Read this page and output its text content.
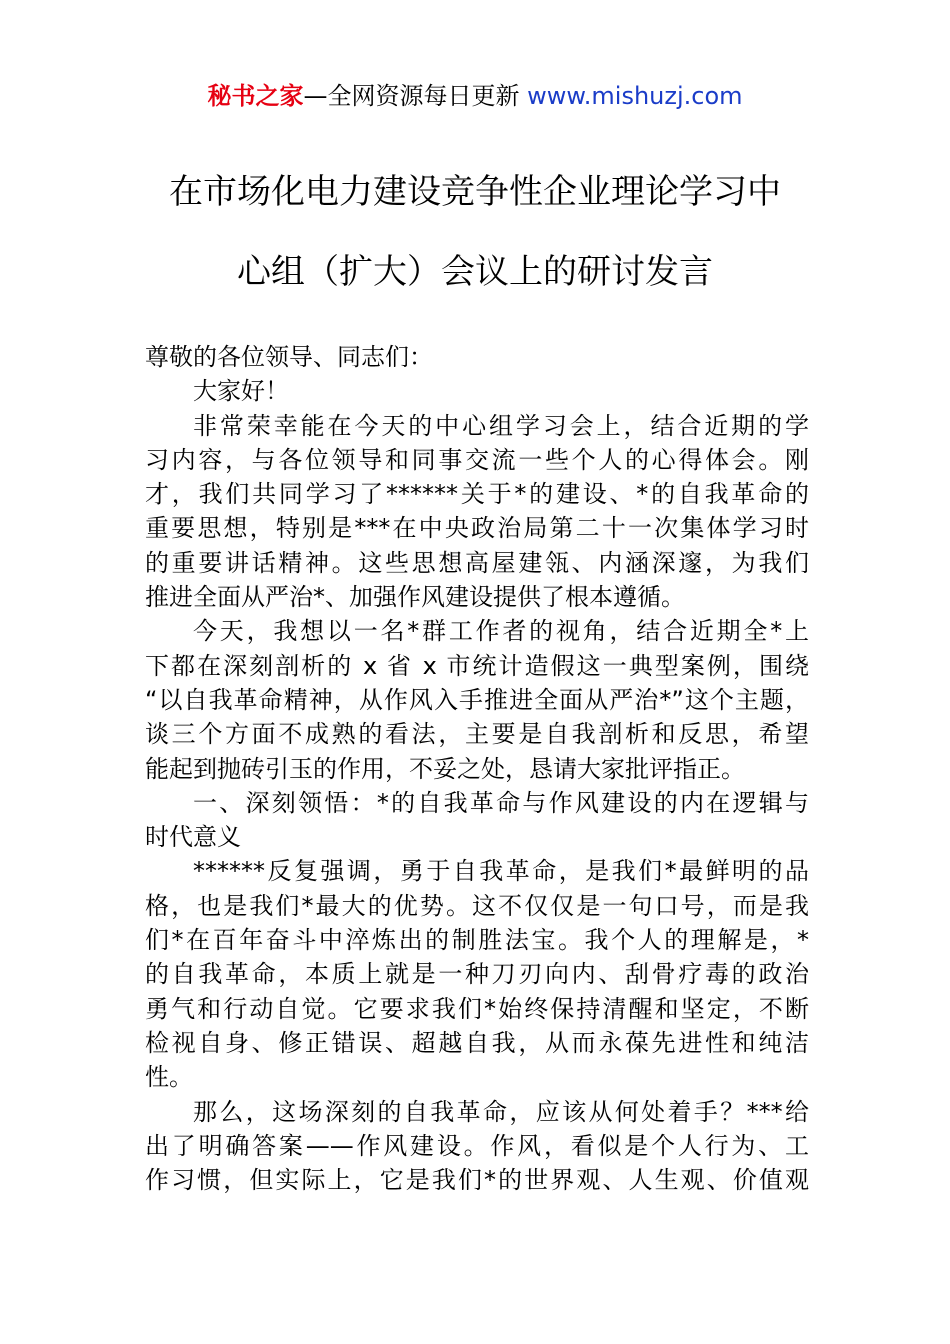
秘书之家—全网资源每日更新 www.mishuzj.com
在市场化电力建设竞争性企业理论学习中
心组（扩大）会议上的研讨发言
尊敬的各位领导、同志们：
大家好！
非常荣幸能在今天的中心组学习会上，结合近期的学
习内容，与各位领导和同事交流一些个人的心得体会。刚
才，我们共同学习了******关于*的建设、*的自我革命的
重要思想，特别是***在中央政治局第二十一次集体学习时
的重要讲话精神。这些思想高屋建瓴、内涵深邃，为我们
推进全面从严治*、加强作风建设提供了根本遵循。
今天，我想以一名*群工作者的视角，结合近期全*上
下都在深刻剖析的 x 省 x 市统计造假这一典型案例，围绕
“以自我革命精神，从作风入手推进全面从严治*”这个主题，
谈三个方面不成熟的看法，主要是自我剖析和反思，希望
能起到抛砖引玉的作用，不妥之处，恳请大家批评指正。
一、深刻领悟：*的自我革命与作风建设的内在逻辑与
时代意义
******反复强调，勇于自我革命，是我们*最鲜明的品
格，也是我们*最大的优势。这不仅仅是一句口号，而是我
们*在百年奋斗中淬炼出的制胜法宝。我个人的理解是，*
的自我革命，本质上就是一种刀刃向内、刮骨疗毒的政治
勇气和行动自觉。它要求我们*始终保持清醒和坚定，不断
检视自身、修正错误、超越自我，从而永葆先进性和纯洁
性。
那么，这场深刻的自我革命，应该从何处着手？***给
出了明确答案——作风建设。作风，看似是个人行为、工
作习惯，但实际上，它是我们*的世界观、人生观、价值观
